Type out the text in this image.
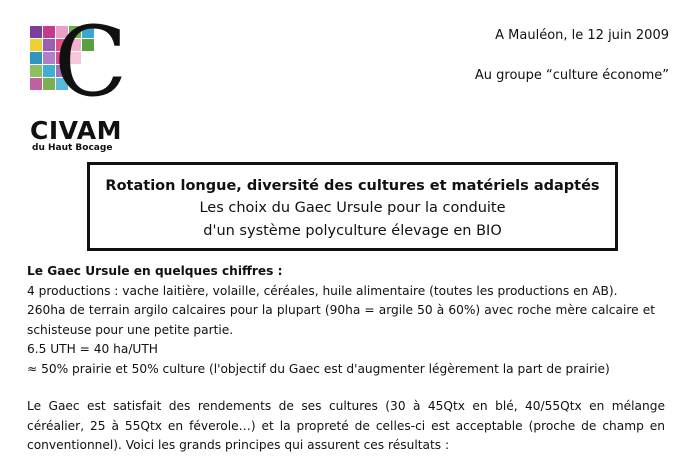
C
CIVAM
du Haut Bocage
A Mauléon, le 12 juin 2009
Au groupe “culture économe”
Rotation longue, diversité des cultures et matériels adaptés
Les choix du Gaec Ursule pour la conduite
d'un système polyculture élevage en BIO
Le Gaec Ursule en quelques chiffres :
4 productions : vache laitière, volaille, céréales, huile alimentaire (toutes les productions en AB).
260ha de terrain argilo calcaires pour la plupart (90ha = argile 50 à 60%) avec roche mère calcaire et schisteuse pour une petite partie.
6.5 UTH = 40 ha/UTH
≈ 50% prairie et 50% culture (l'objectif du Gaec est d'augmenter légèrement la part de prairie)
Le Gaec est satisfait des rendements de ses cultures (30 à 45Qtx en blé, 40/55Qtx en mélange céréalier, 25 à 55Qtx en féverole…) et la propreté de celles-ci est acceptable (proche de champ en conventionnel). Voici les grands principes qui assurent ces résultats :
